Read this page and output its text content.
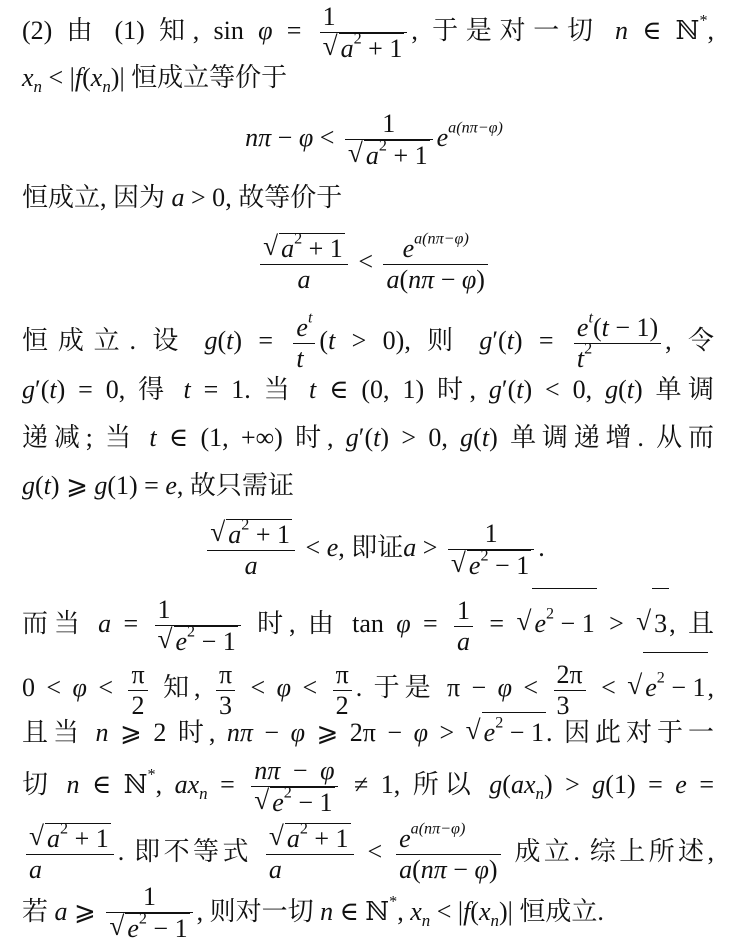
(2) 由 (1) 知, sin φ = 1
√ $a^2 + 1$ , 于是对一切 n ∈ ℕ*,
$x_n < |f(x_n)|$ 恒成立等价于
nπ − φ < 1
√ $a^2 + 1$ $e^{a(n\pi-\varphi)}$
恒成立, 因为 a > 0, 故等价于
√ $\frac{a^2 + 1}{a} < \frac{e^{a(n\pi-\varphi)}}{a(n\pi - \varphi)}$
恒成立. 设 $g(t) = \frac{e^t}{t} (t > 0)$, 则 $g'(t) = \frac{e^t(t - 1)}{t^2}$ , 令
g′(t) = 0, 得 t = 1. 当 t ∈ (0, 1) 时, g′(t) < 0, g(t) 单调
递减; 当 t ∈ (1, +∞) 时, g′(t) > 0, g(t) 单调递增. 从而
g(t) ⩾ g(1) = e, 故只需证
√ $\frac{a^2 + 1}{a} < e$, 即证a > 1
√ $e^2 - 1$ .
而当 a = 1
√ $e^2 - 1$ 时, 由 $\tan \varphi = \frac{1}{a}$ = √ $e^2 - 1$ > √ 3, 且
$0 < \varphi < \frac{\pi}{2}$ 知, $\frac{\pi}{3} < \varphi < \frac{\pi}{2}$ . 于是 $\pi - \varphi < \frac{2\pi}{3}$ < √ $e^2 - 1$,
且当 n ⩾ 2 时, nπ − φ ⩾ 2π − φ > √ $e^2 - 1$. 因此对于一
切 n ∈ ℕ*, $ax_n = n\pi - \varphi$
√ $e^2 - 1 \ne 1$, 所以 $g(ax_n) > g(1) = e$ =
√ $\frac{a^2 + 1}{a}$ . 即不等式
√ $\frac{a^2 + 1}{a} < \frac{e^{a(n\pi-\varphi)}}{a(n\pi - \varphi)}$ 成立. 综上所述,
若 a ⩾ 1
√ $e^2 - 1$ , 则对一切 n ∈ ℕ*, $x_n < |f(x_n)|$ 恒成立.
